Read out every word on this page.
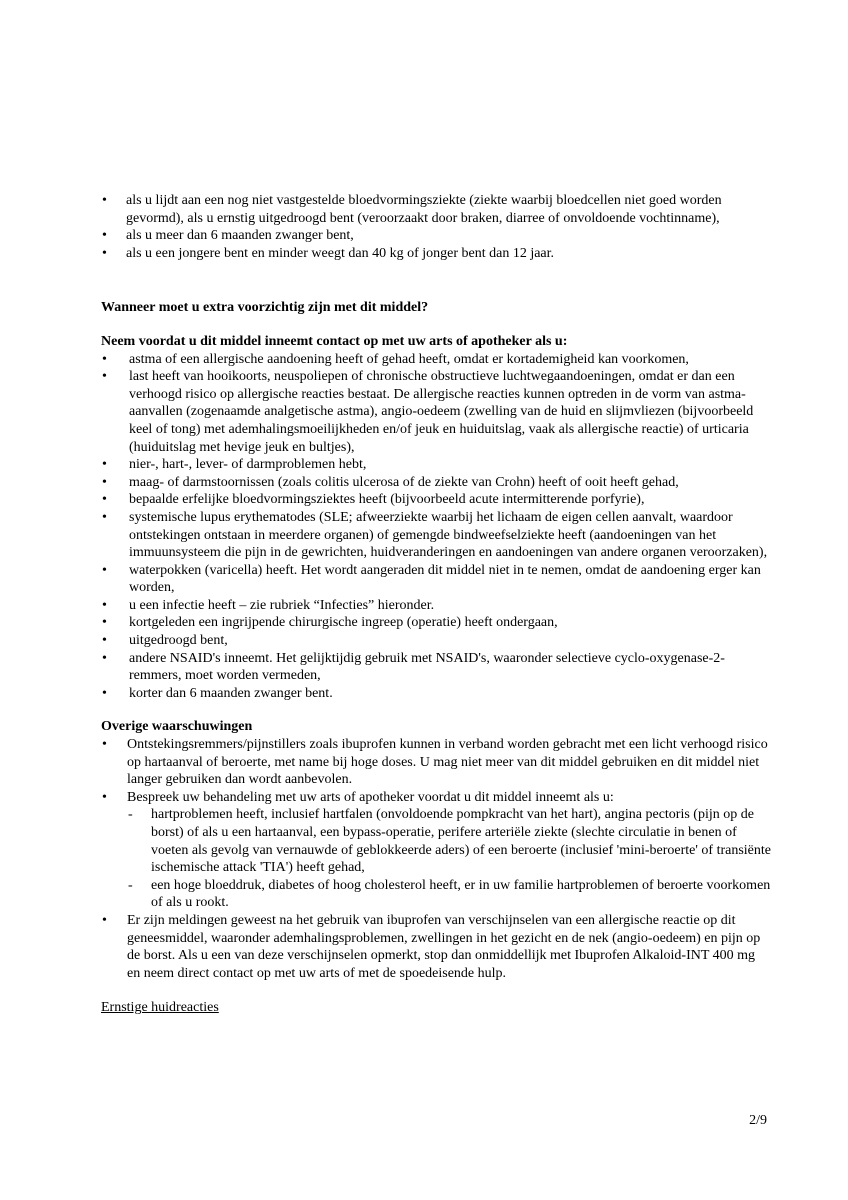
• als u lijdt aan een nog niet vastgestelde bloedvormingsziekte (ziekte waarbij bloedcellen niet goed worden gevormd), als u ernstig uitgedroogd bent (veroorzaakt door braken, diarree of onvoldoende vochtinname),
• als u meer dan 6 maanden zwanger bent,
• als u een jongere bent en minder weegt dan 40 kg of jonger bent dan 12 jaar.

Wanneer moet u extra voorzichtig zijn met dit middel?

Neem voordat u dit middel inneemt contact op met uw arts of apotheker als u:

• astma of een allergische aandoening heeft of gehad heeft, omdat er kortademigheid kan voorkomen,
• last heeft van hooikoorts, neuspoliepen of chronische obstructieve luchtwegaandoeningen, omdat er dan een verhoogd risico op allergische reacties bestaat. De allergische reacties kunnen optreden in de vorm van astma-aanvallen (zogenaamde analgetische astma), angio-oedeem (zwelling van de huid en slijmvliezen (bijvoorbeeld keel of tong) met ademhalingsmoeilijkheden en/of jeuk en huiduitslag, vaak als allergische reactie) of urticaria (huiduitslag met hevige jeuk en bultjes),
• nier-, hart-, lever- of darmproblemen hebt,
• maag- of darmstoornissen (zoals colitis ulcerosa of de ziekte van Crohn) heeft of ooit heeft gehad,
• bepaalde erfelijke bloedvormingsziektes heeft (bijvoorbeeld acute intermitterende porfyrie),
• systemische lupus erythematodes (SLE; afweerziekte waarbij het lichaam de eigen cellen aanvalt, waardoor ontstekingen ontstaan in meerdere organen) of gemengde bindweefselziekte heeft (aandoeningen van het immuunsysteem die pijn in de gewrichten, huidveranderingen en aandoeningen van andere organen veroorzaken),
• waterpokken (varicella) heeft. Het wordt aangeraden dit middel niet in te nemen, omdat de aandoening erger kan worden,
• u een infectie heeft – zie rubriek “Infecties” hieronder.
• kortgeleden een ingrijpende chirurgische ingreep (operatie) heeft ondergaan,
• uitgedroogd bent,
• andere NSAID's inneemt. Het gelijktijdig gebruik met NSAID's, waaronder selectieve cyclo-oxygenase-2-remmers, moet worden vermeden,
• korter dan 6 maanden zwanger bent.

Overige waarschuwingen

• Ontstekingsremmers/pijnstillers zoals ibuprofen kunnen in verband worden gebracht met een licht verhoogd risico op hartaanval of beroerte, met name bij hoge doses. U mag niet meer van dit middel gebruiken en dit middel niet langer gebruiken dan wordt aanbevolen.
• Bespreek uw behandeling met uw arts of apotheker voordat u dit middel inneemt als u:
- hartproblemen heeft, inclusief hartfalen (onvoldoende pompkracht van het hart), angina pectoris (pijn op de borst) of als u een hartaanval, een bypass-operatie, perifere arteriële ziekte (slechte circulatie in benen of voeten als gevolg van vernauwde of geblokkeerde aders) of een beroerte (inclusief 'mini-beroerte' of transiënte ischemische attack 'TIA') heeft gehad,
- een hoge bloeddruk, diabetes of hoog cholesterol heeft, er in uw familie hartproblemen of beroerte voorkomen of als u rookt.
• Er zijn meldingen geweest na het gebruik van ibuprofen van verschijnselen van een allergische reactie op dit geneesmiddel, waaronder ademhalingsproblemen, zwellingen in het gezicht en de nek (angio-oedeem) en pijn op de borst. Als u een van deze verschijnselen opmerkt, stop dan onmiddellijk met Ibuprofen Alkaloid-INT 400 mg en neem direct contact op met uw arts of met de spoedeisende hulp.

Ernstige huidreacties

2/9
